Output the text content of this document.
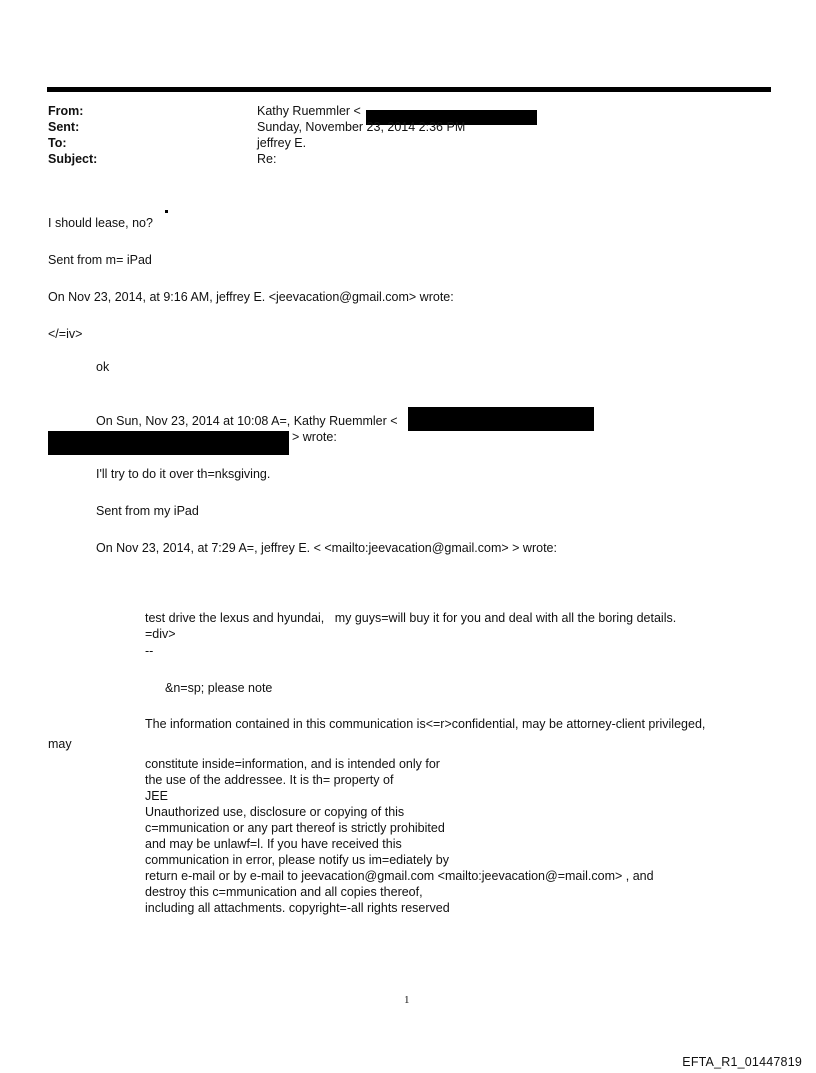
From:	Kathy Ruemmler <
Sent:	Sunday, November 23, 2014 2:36 PM
To:	jeffrey E.
Subject:	Re:
I should lease, no?
Sent from m= iPad
On Nov 23, 2014, at 9:16 AM, jeffrey E. <jeevacation@gmail.com> wrote:
</=iv>
ok
On Sun, Nov 23, 2014 at 10:08 A=, Kathy Ruemmler <
> wrote:
I'll try to do it over th=nksgiving.
Sent from my iPad
On Nov 23, 2014, at 7:29 A=, jeffrey E. < <mailto:jeevacation@gmail.com> > wrote:
test drive the lexus and hyundai,   my guys=will buy it for you and deal with all the boring details.
=div>
--
&n=sp; please note
The information contained in this communication is<=r>confidential, may be attorney-client privileged,
may
constitute inside=information, and is intended only for
the use of the addressee. It is th= property of
JEE
Unauthorized use, disclosure or copying of this
c=mmunication or any part thereof is strictly prohibited
and may be unlawf=l. If you have received this
communication in error, please notify us im=ediately by
return e-mail or by e-mail to jeevacation@gmail.com <mailto:jeevacation@=mail.com> , and
destroy this c=mmunication and all copies thereof,
including all attachments. copyright=-all rights reserved
1
EFTA_R1_01447819
